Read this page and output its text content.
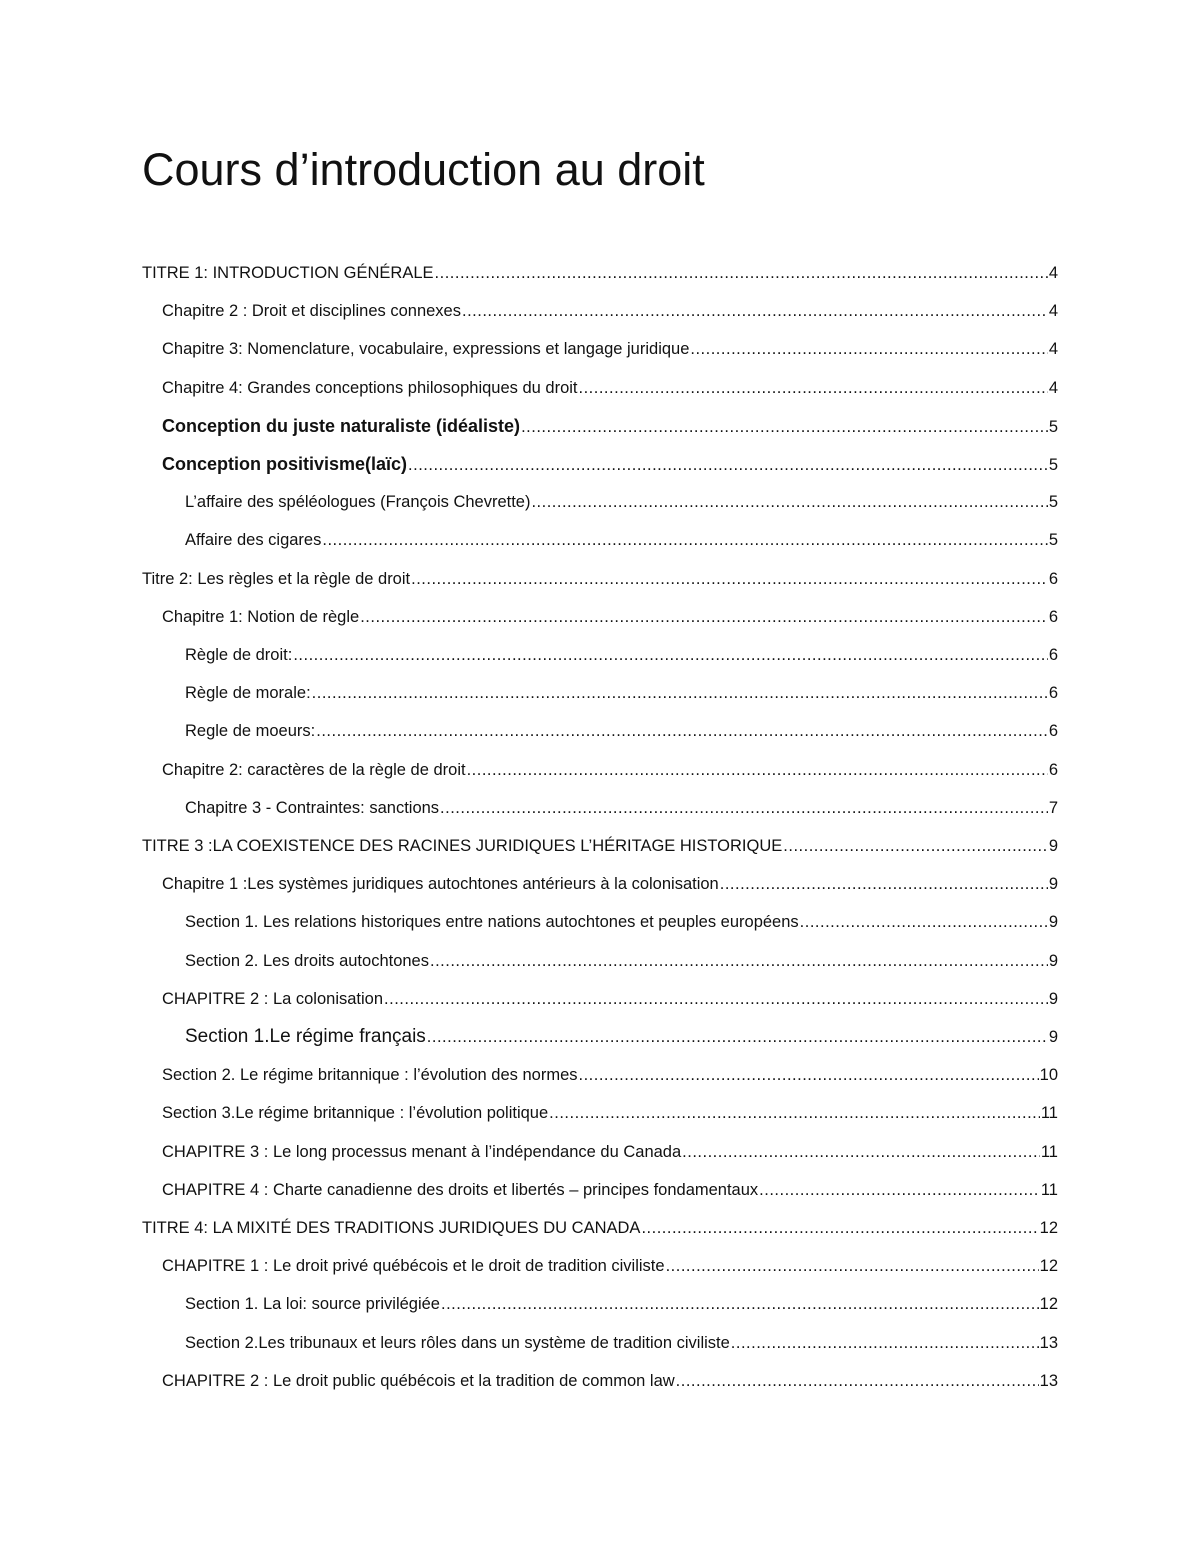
Cours d’introduction au droit
TITRE 1: INTRODUCTION GÉNÉRALE .....	4
Chapitre 2 : Droit et disciplines connexes .....	4
Chapitre 3: Nomenclature, vocabulaire, expressions et langage juridique .....	4
Chapitre 4: Grandes conceptions philosophiques du droit .....	4
Conception du juste naturaliste (idéaliste) .....	5
Conception positivisme(laïc) .....	5
L’affaire des spéléologues (François Chevrette) .....	5
Affaire des cigares .....	5
Titre 2: Les règles et la règle de droit .....	6
Chapitre 1: Notion de règle .....	6
Règle de droit: .....	6
Règle de morale: .....	6
Regle de moeurs: .....	6
Chapitre 2: caractères de la règle de droit .....	6
Chapitre 3 - Contraintes: sanctions .....	7
TITRE 3 :LA COEXISTENCE DES RACINES JURIDIQUES L’HÉRITAGE HISTORIQUE .....	9
Chapitre 1 :Les systèmes juridiques autochtones antérieurs à la colonisation .....	9
Section 1. Les relations historiques entre nations autochtones et peuples européens .....	9
Section 2. Les droits autochtones .....	9
CHAPITRE 2 : La colonisation .....	9
Section 1.Le régime français .....	9
Section 2. Le régime britannique : l’évolution des normes .....	10
Section 3.Le régime britannique : l’évolution politique .....	11
CHAPITRE 3 : Le long processus menant à l’indépendance du Canada .....	11
CHAPITRE 4 : Charte canadienne des droits et libertés – principes fondamentaux .....	11
TITRE 4: LA MIXITÉ DES TRADITIONS JURIDIQUES DU CANADA .....	12
CHAPITRE 1 : Le droit privé québécois et le droit de tradition civiliste .....	12
Section 1. La loi: source privilégiée .....	12
Section 2.Les tribunaux et leurs rôles dans un système de tradition civiliste .....	13
CHAPITRE 2 : Le droit public québécois et la tradition de common law .....	13
